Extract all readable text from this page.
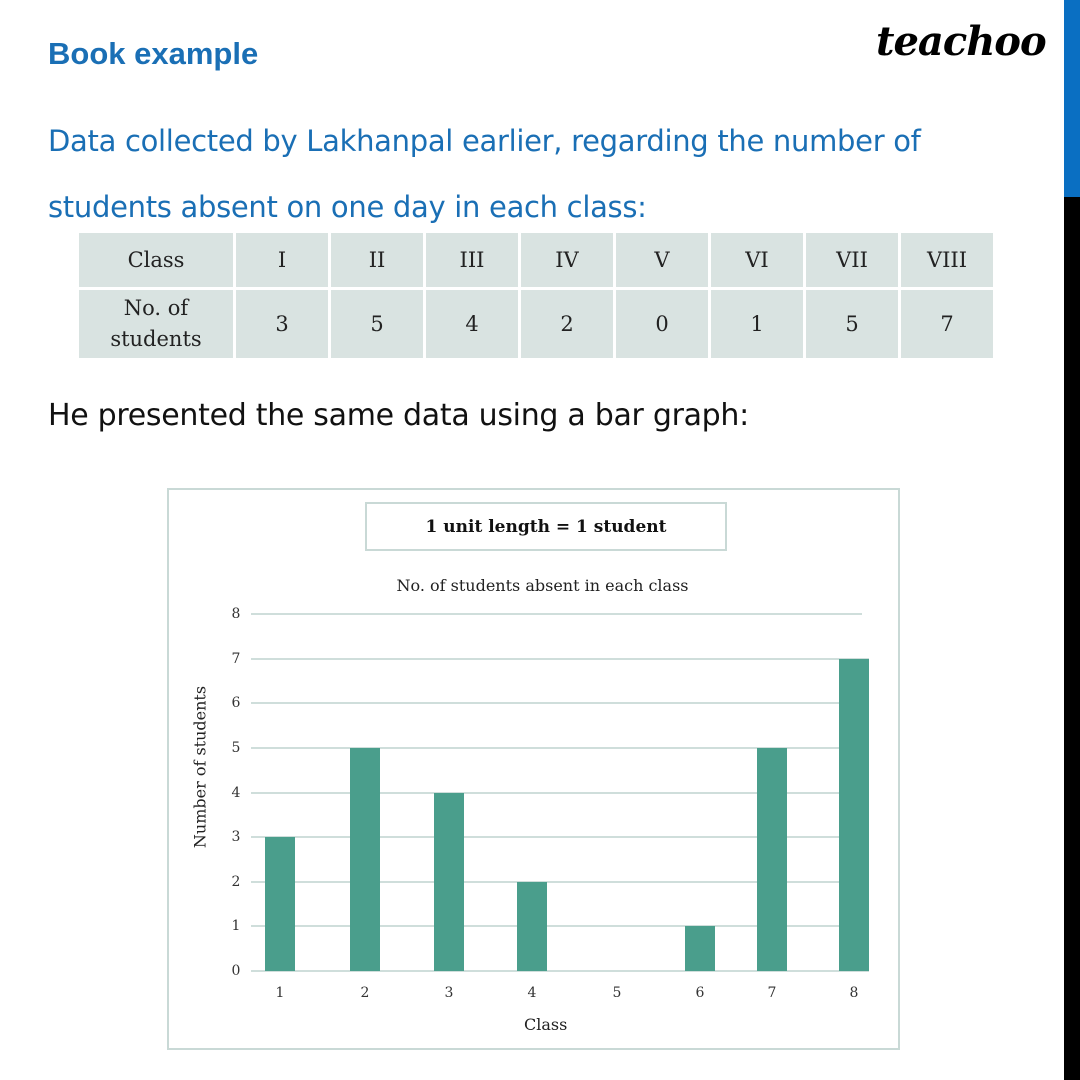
Book example	teachoo
Data collected by Lakhanpal earlier, regarding the number of students absent on one day in each class:
Class	I	II	III	IV	V	VI	VII	VIII
No. of students	3	5	4	2	0	1	5	7
He presented the same data using a bar graph:
1 unit length = 1 student
No. of students absent in each class
Number of students
Class
0
1
2
3
4
5
6
7
8
1	2	3	4	5	6	7	8
